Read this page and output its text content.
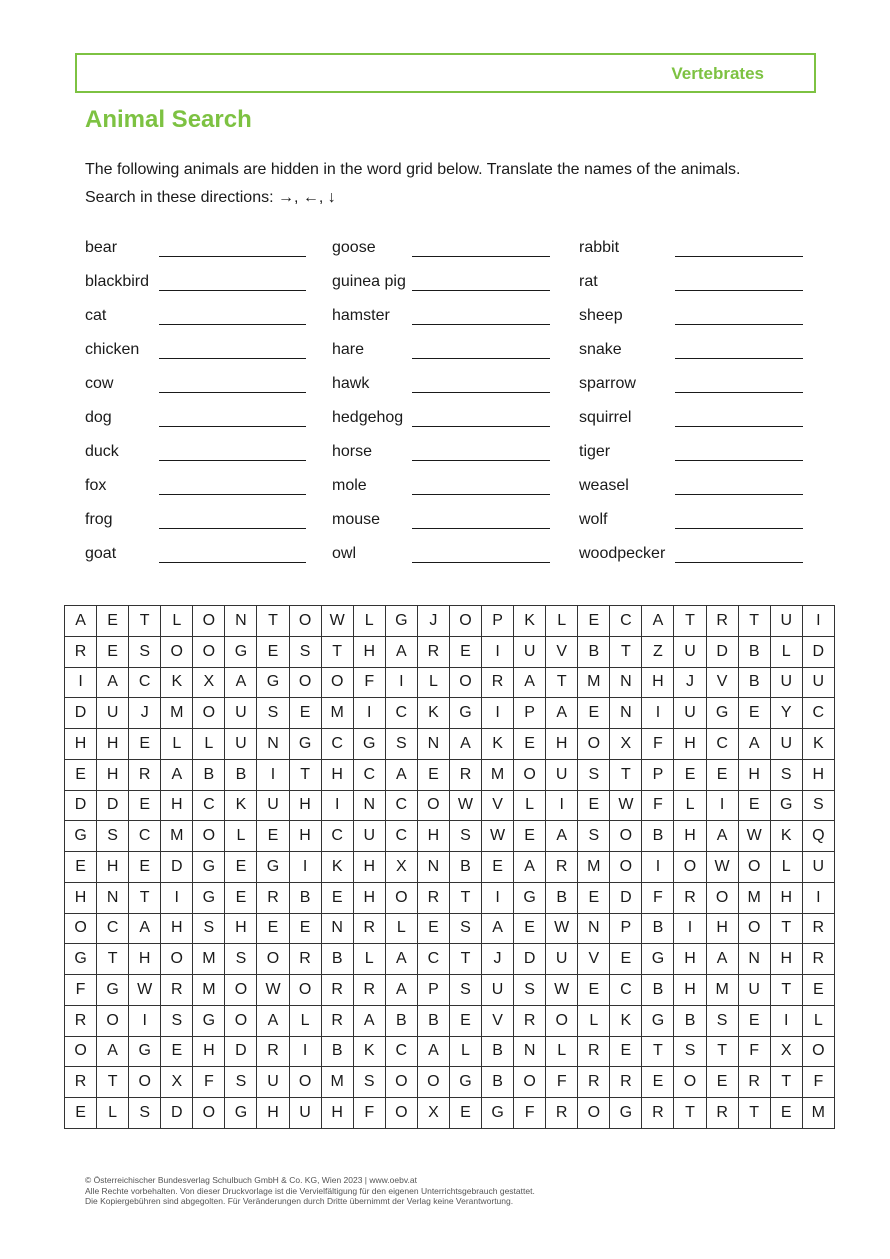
Vertebrates
Animal Search
The following animals are hidden in the word grid below. Translate the names of the animals.
Search in these directions: →, ←, ↓
bear
blackbird
cat
chicken
cow
dog
duck
fox
frog
goat
goose
guinea pig
hamster
hare
hawk
hedgehog
horse
mole
mouse
owl
rabbit
rat
sheep
snake
sparrow
squirrel
tiger
weasel
wolf
woodpecker
A	E	T	L	O	N	T	O	W	L	G	J	O	P	K	L	E	C	A	T	R	T	U	I
R	E	S	O	O	G	E	S	T	H	A	R	E	I	U	V	B	T	Z	U	D	B	L	D
I	A	C	K	X	A	G	O	O	F	I	L	O	R	A	T	M	N	H	J	V	B	U	U
D	U	J	M	O	U	S	E	M	I	C	K	G	I	P	A	E	N	I	U	G	E	Y	C
H	H	E	L	L	U	N	G	C	G	S	N	A	K	E	H	O	X	F	H	C	A	U	K
E	H	R	A	B	B	I	T	H	C	A	E	R	M	O	U	S	T	P	E	E	H	S	H
D	D	E	H	C	K	U	H	I	N	C	O	W	V	L	I	E	W	F	L	I	E	G	S
G	S	C	M	O	L	E	H	C	U	C	H	S	W	E	A	S	O	B	H	A	W	K	Q
E	H	E	D	G	E	G	I	K	H	X	N	B	E	A	R	M	O	I	O	W	O	L	U
H	N	T	I	G	E	R	B	E	H	O	R	T	I	G	B	E	D	F	R	O	M	H	I
O	C	A	H	S	H	E	E	N	R	L	E	S	A	E	W	N	P	B	I	H	O	T	R
G	T	H	O	M	S	O	R	B	L	A	C	T	J	D	U	V	E	G	H	A	N	H	R
F	G	W	R	M	O	W	O	R	R	A	P	S	U	S	W	E	C	B	H	M	U	T	E
R	O	I	S	G	O	A	L	R	A	B	B	E	V	R	O	L	K	G	B	S	E	I	L
O	A	G	E	H	D	R	I	B	K	C	A	L	B	N	L	R	E	T	S	T	F	X	O
R	T	O	X	F	S	U	O	M	S	O	O	G	B	O	F	R	R	E	O	E	R	T	F
E	L	S	D	O	G	H	U	H	F	O	X	E	G	F	R	O	G	R	T	R	T	E	M
© Österreichischer Bundesverlag Schulbuch GmbH & Co. KG, Wien 2023 | www.oebv.at
Alle Rechte vorbehalten. Von dieser Druckvorlage ist die Vervielfältigung für den eigenen Unterrichtsgebrauch gestattet.
Die Kopiergebühren sind abgegolten. Für Veränderungen durch Dritte übernimmt der Verlag keine Verantwortung.
